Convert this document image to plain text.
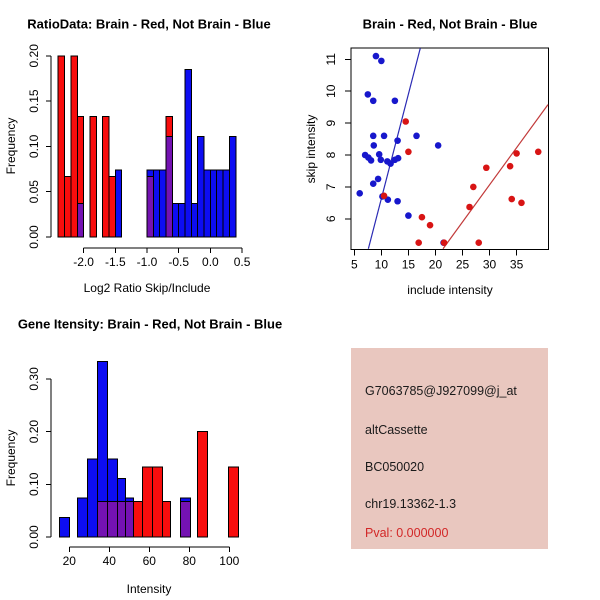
-2.0 -1.5 -1.0 -0.5 0.0 0.5
0.00
0.05
0.10
0.15
0.20
5 10 15 20 25 30 35
6
7
8
9
10
11
20 40 60 80 100
0.00
0.10
0.20
0.30
RatioData: Brain - Red, Not Brain - Blue
Log2 Ratio Skip/Include
Frequency
Brain - Red, Not Brain - Blue
include intensity
skip intensity
Gene Itensity: Brain - Red, Not Brain - Blue
Intensity
Frequency
G7063785@J927099@j_at
altCassette
BC050020
chr19.13362-1.3
Pval: 0.000000
